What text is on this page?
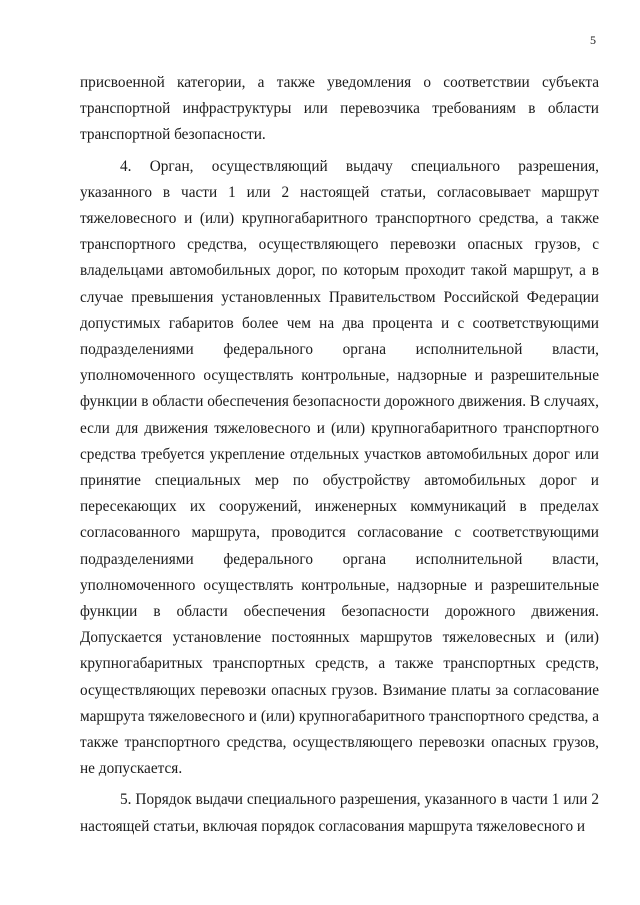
5

присвоенной категории, а также уведомления о соответствии субъекта транспортной инфраструктуры или перевозчика требованиям в области транспортной безопасности.

4. Орган, осуществляющий выдачу специального разрешения, указанного в части 1 или 2 настоящей статьи, согласовывает маршрут тяжеловесного и (или) крупногабаритного транспортного средства, а также транспортного средства, осуществляющего перевозки опасных грузов, с владельцами автомобильных дорог, по которым проходит такой маршрут, а в случае превышения установленных Правительством Российской Федерации допустимых габаритов более чем на два процента и с соответствующими подразделениями федерального органа исполнительной власти, уполномоченного осуществлять контрольные, надзорные и разрешительные функции в области обеспечения безопасности дорожного движения. В случаях, если для движения тяжеловесного и (или) крупногабаритного транспортного средства требуется укрепление отдельных участков автомобильных дорог или принятие специальных мер по обустройству автомобильных дорог и пересекающих их сооружений, инженерных коммуникаций в пределах согласованного маршрута, проводится согласование с соответствующими подразделениями федерального органа исполнительной власти, уполномоченного осуществлять контрольные, надзорные и разрешительные функции в области обеспечения безопасности дорожного движения. Допускается установление постоянных маршрутов тяжеловесных и (или) крупногабаритных транспортных средств, а также транспортных средств, осуществляющих перевозки опасных грузов. Взимание платы за согласование маршрута тяжеловесного и (или) крупногабаритного транспортного средства, а также транспортного средства, осуществляющего перевозки опасных грузов, не допускается.

5. Порядок выдачи специального разрешения, указанного в части 1 или 2 настоящей статьи, включая порядок согласования маршрута тяжеловесного и
